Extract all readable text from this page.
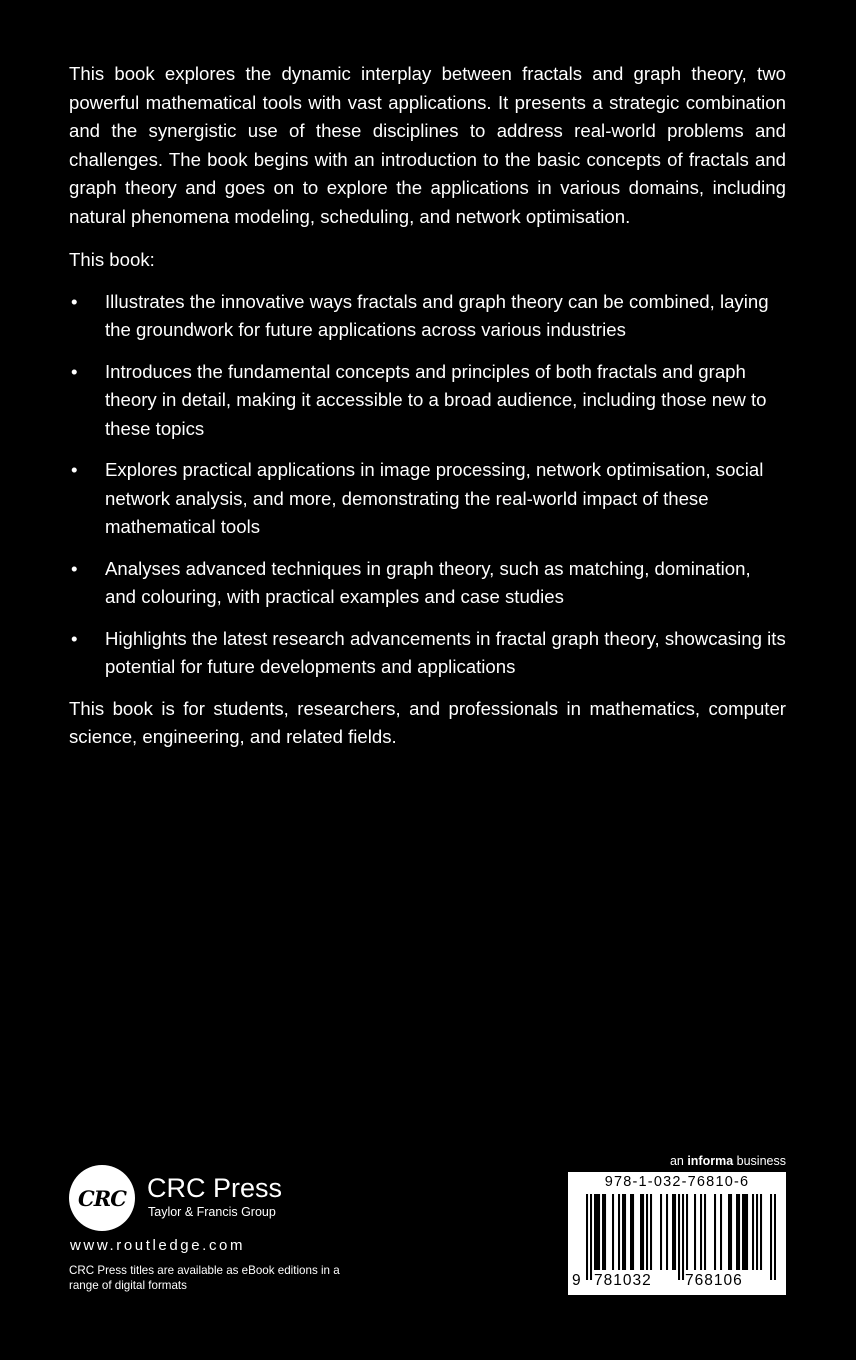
This book explores the dynamic interplay between fractals and graph theory, two powerful mathematical tools with vast applications. It presents a strategic combination and the synergistic use of these disciplines to address real-world problems and challenges. The book begins with an introduction to the basic concepts of fractals and graph theory and goes on to explore the applications in various domains, including natural phenomena modeling, scheduling, and network optimisation.

This book:

• Illustrates the innovative ways fractals and graph theory can be combined, laying the groundwork for future applications across various industries
• Introduces the fundamental concepts and principles of both fractals and graph theory in detail, making it accessible to a broad audience, including those new to these topics
• Explores practical applications in image processing, network optimisation, social network analysis, and more, demonstrating the real-world impact of these mathematical tools
• Analyses advanced techniques in graph theory, such as matching, domination, and colouring, with practical examples and case studies
• Highlights the latest research advancements in fractal graph theory, showcasing its potential for future developments and applications

This book is for students, researchers, and professionals in mathematics, computer science, engineering, and related fields.

CRC CRC Press
Taylor & Francis Group
www.routledge.com
CRC Press titles are available as eBook editions in a range of digital formats
an informa business
978-1-032-76810-6
9 781032 768106
